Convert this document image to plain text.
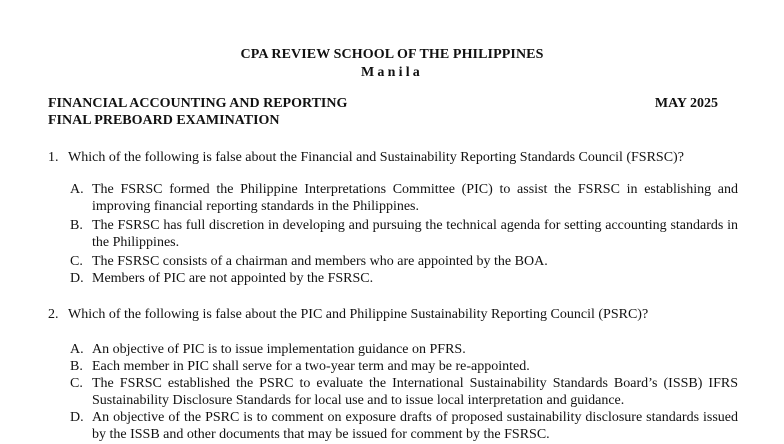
CPA REVIEW SCHOOL OF THE PHILIPPINES
Manila
FINANCIAL ACCOUNTING AND REPORTING
FINAL PREBOARD EXAMINATION
MAY 2025
1. Which of the following is false about the Financial and Sustainability Reporting Standards Council (FSRSC)?
A. The FSRSC formed the Philippine Interpretations Committee (PIC) to assist the FSRSC in establishing and improving financial reporting standards in the Philippines.
B. The FSRSC has full discretion in developing and pursuing the technical agenda for setting accounting standards in the Philippines.
C. The FSRSC consists of a chairman and members who are appointed by the BOA.
D. Members of PIC are not appointed by the FSRSC.
2. Which of the following is false about the PIC and Philippine Sustainability Reporting Council (PSRC)?
A. An objective of PIC is to issue implementation guidance on PFRS.
B. Each member in PIC shall serve for a two-year term and may be re-appointed.
C. The FSRSC established the PSRC to evaluate the International Sustainability Standards Board’s (ISSB) IFRS Sustainability Disclosure Standards for local use and to issue local interpretation and guidance.
D. An objective of the PSRC is to comment on exposure drafts of proposed sustainability disclosure standards issued by the ISSB and other documents that may be issued for comment by the FSRSC.
